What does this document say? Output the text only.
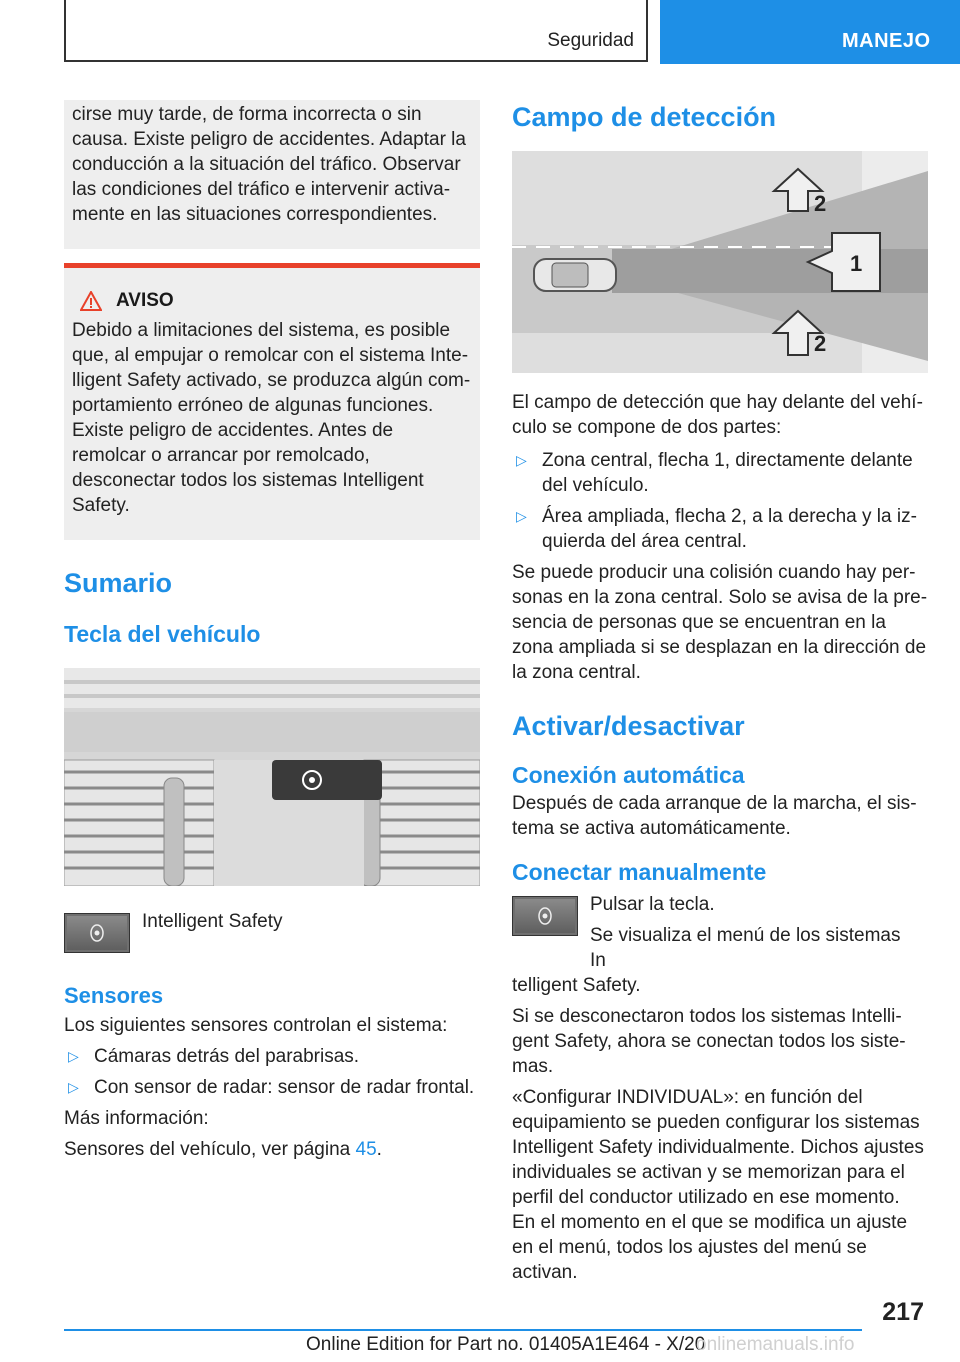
Seguridad	MANEJO

cirse muy tarde, de forma incorrecta o sin causa. Existe peligro de accidentes. Adaptar la conducción a la situación del tráfico. Observar las condiciones del tráfico e intervenir activamente en las situaciones correspondientes.

AVISO

Debido a limitaciones del sistema, es posible que, al empujar o remolcar con el sistema Intelligent Safety activado, se produzca algún comportamiento erróneo de algunas funciones. Existe peligro de accidentes. Antes de remolcar o arrancar por remolcado, desconectar todos los sistemas Intelligent Safety.

Sumario
Tecla del vehículo

Intelligent Safety

Sensores

Los siguientes sensores controlan el sistema:

▷ Cámaras detrás del parabrisas.
▷ Con sensor de radar: sensor de radar frontal.

Más información:

Sensores del vehículo, ver página 45.

Campo de detección
2
1
2

El campo de detección que hay delante del vehículo se compone de dos partes:

▷ Zona central, flecha 1, directamente delante del vehículo.
▷ Área ampliada, flecha 2, a la derecha y la izquierda del área central.

Se puede producir una colisión cuando hay personas en la zona central. Solo se avisa de la presencia de personas que se encuentran en la zona ampliada si se desplazan en la dirección de la zona central.

Activar/desactivar
Conexión automática

Después de cada arranque de la marcha, el sistema se activa automáticamente.

Conectar manualmente

Pulsar la tecla.

Se visualiza el menú de los sistemas In

telligent Safety.

Si se desconectaron todos los sistemas Intelligent Safety, ahora se conectan todos los sistemas.

«Configurar INDIVIDUAL»: en función del equipamiento se pueden configurar los sistemas Intelligent Safety individualmente. Dichos ajustes individuales se activan y se memorizan para el perfil del conductor utilizado en ese momento. En el momento en el que se modifica un ajuste en el menú, todos los ajustes del menú se activan.

217
Online Edition for Part no. 01405A1E464 - X/20
onlinemanuals.info
